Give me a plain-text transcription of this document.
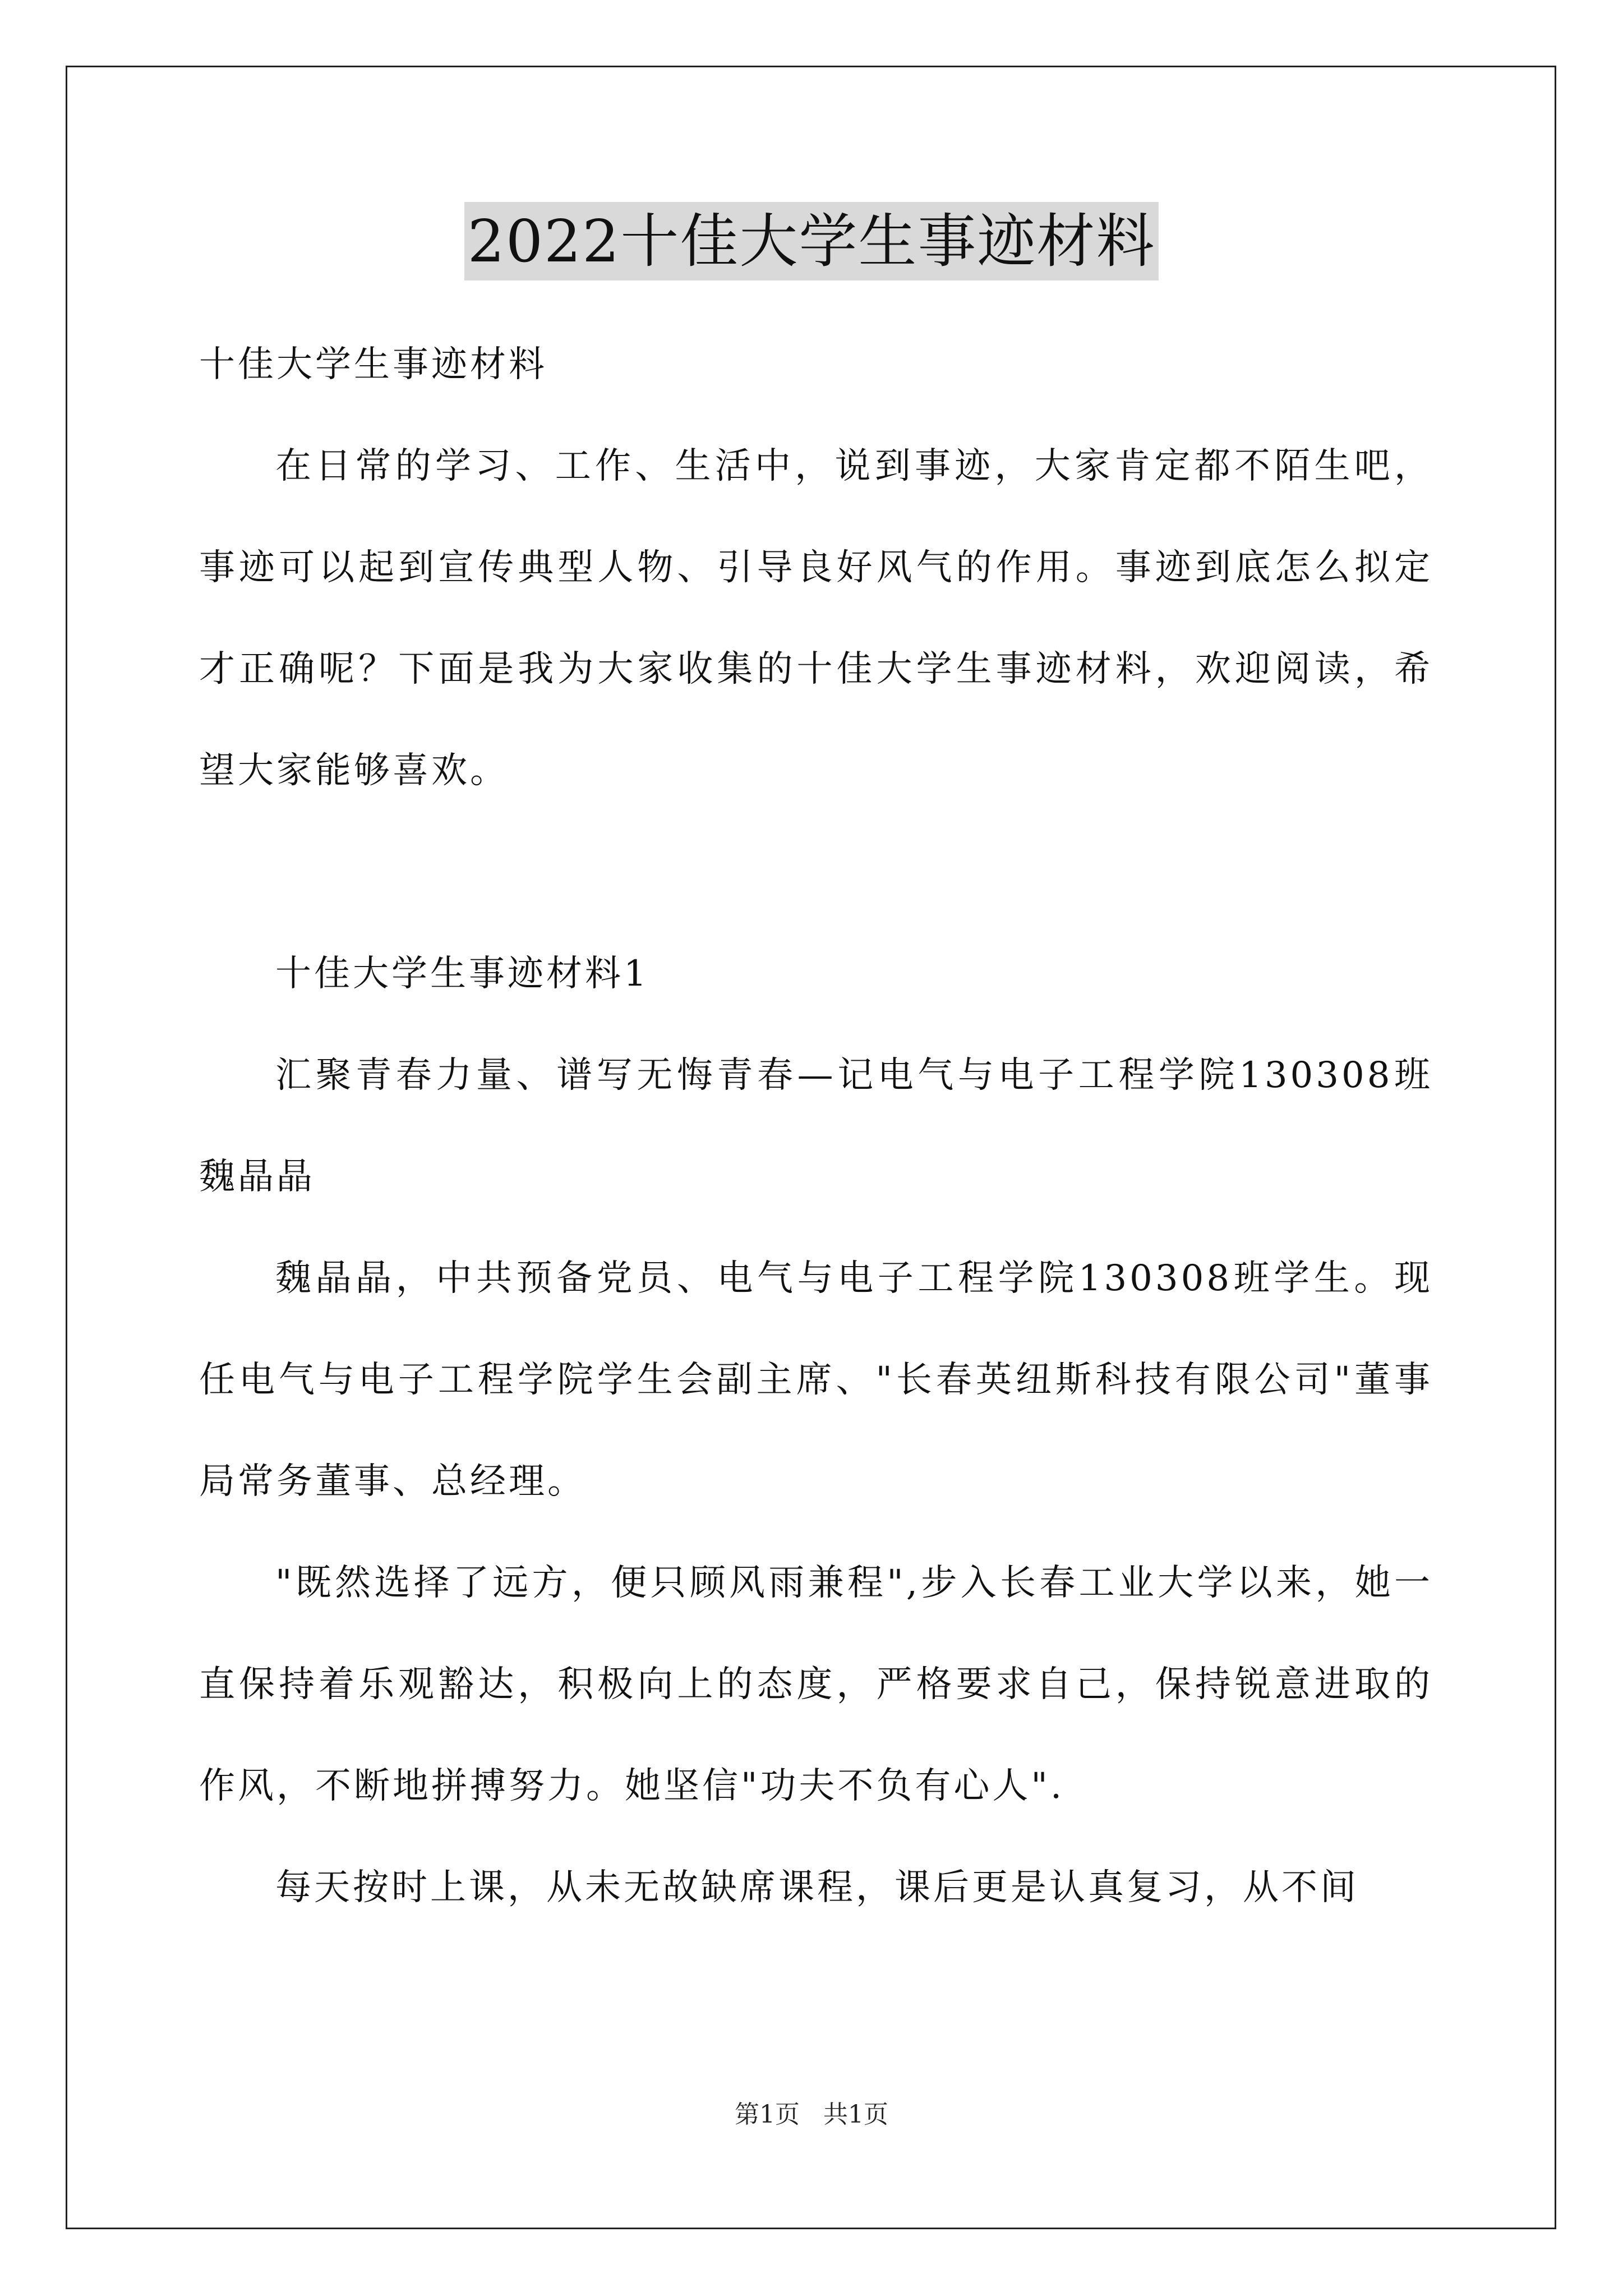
2022十佳大学生事迹材料

十佳大学生事迹材料

在日常的学习、工作、生活中，说到事迹，大家肯定都不陌生吧，事迹可以起到宣传典型人物、引导良好风气的作用。事迹到底怎么拟定才正确呢？下面是我为大家收集的十佳大学生事迹材料，欢迎阅读，希望大家能够喜欢。

十佳大学生事迹材料1

汇聚青春力量、谱写无悔青春—记电气与电子工程学院130308班魏晶晶

魏晶晶，中共预备党员、电气与电子工程学院130308班学生。现任电气与电子工程学院学生会副主席、"长春英纽斯科技有限公司"董事局常务董事、总经理。

"既然选择了远方，便只顾风雨兼程",步入长春工业大学以来，她一直保持着乐观豁达，积极向上的态度，严格要求自己，保持锐意进取的作风，不断地拼搏努力。她坚信"功夫不负有心人".

每天按时上课，从未无故缺席课程，课后更是认真复习，从不间

第1页   共1页
